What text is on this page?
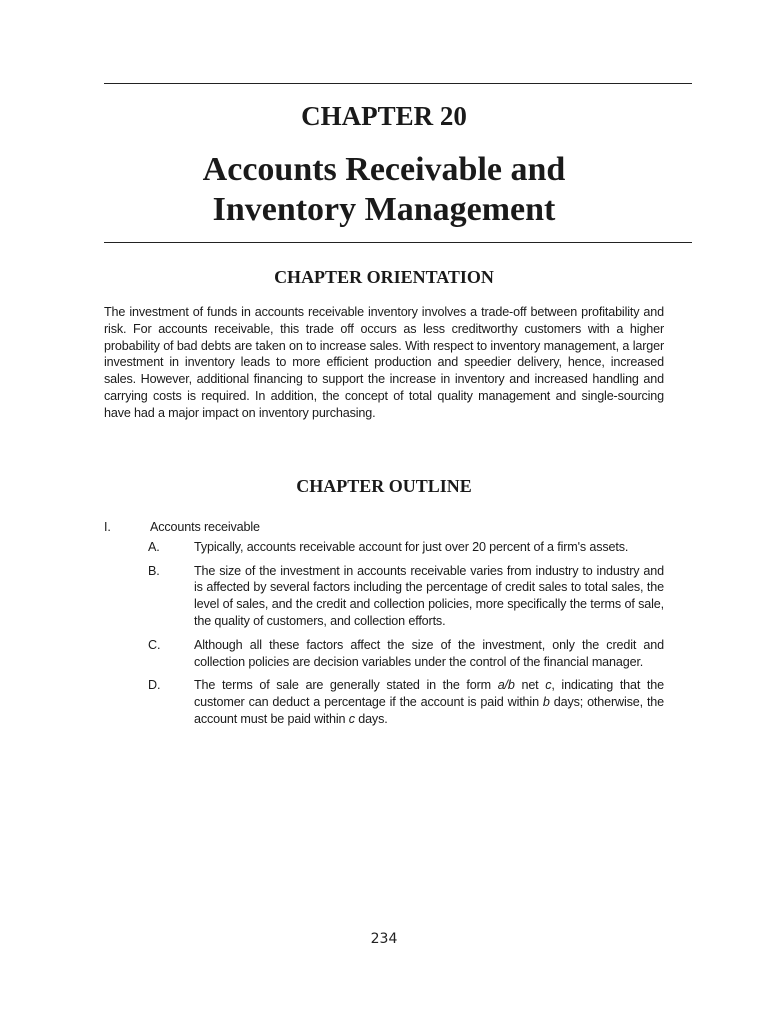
CHAPTER 20
Accounts Receivable and
Inventory Management
CHAPTER ORIENTATION

The investment of funds in accounts receivable inventory involves a trade-off between profitability and risk. For accounts receivable, this trade off occurs as less creditworthy customers with a higher probability of bad debts are taken on to increase sales. With respect to inventory management, a larger investment in inventory leads to more efficient production and speedier delivery, hence, increased sales. However, additional financing to support the increase in inventory and increased handling and carrying costs is required. In addition, the concept of total quality management and single-sourcing have had a major impact on inventory purchasing.

CHAPTER OUTLINE
I.	Accounts receivable
A.	Typically, accounts receivable account for just over 20 percent of a firm's assets.
B.	The size of the investment in accounts receivable varies from industry to industry and is affected by several factors including the percentage of credit sales to total sales, the level of sales, and the credit and collection policies, more specifically the terms of sale, the quality of customers, and collection efforts.
C.	Although all these factors affect the size of the investment, only the credit and collection policies are decision variables under the control of the financial manager.
D.	The terms of sale are generally stated in the form a/b net c, indicating that the customer can deduct a percentage if the account is paid within b days; otherwise, the account must be paid within c days.
234
